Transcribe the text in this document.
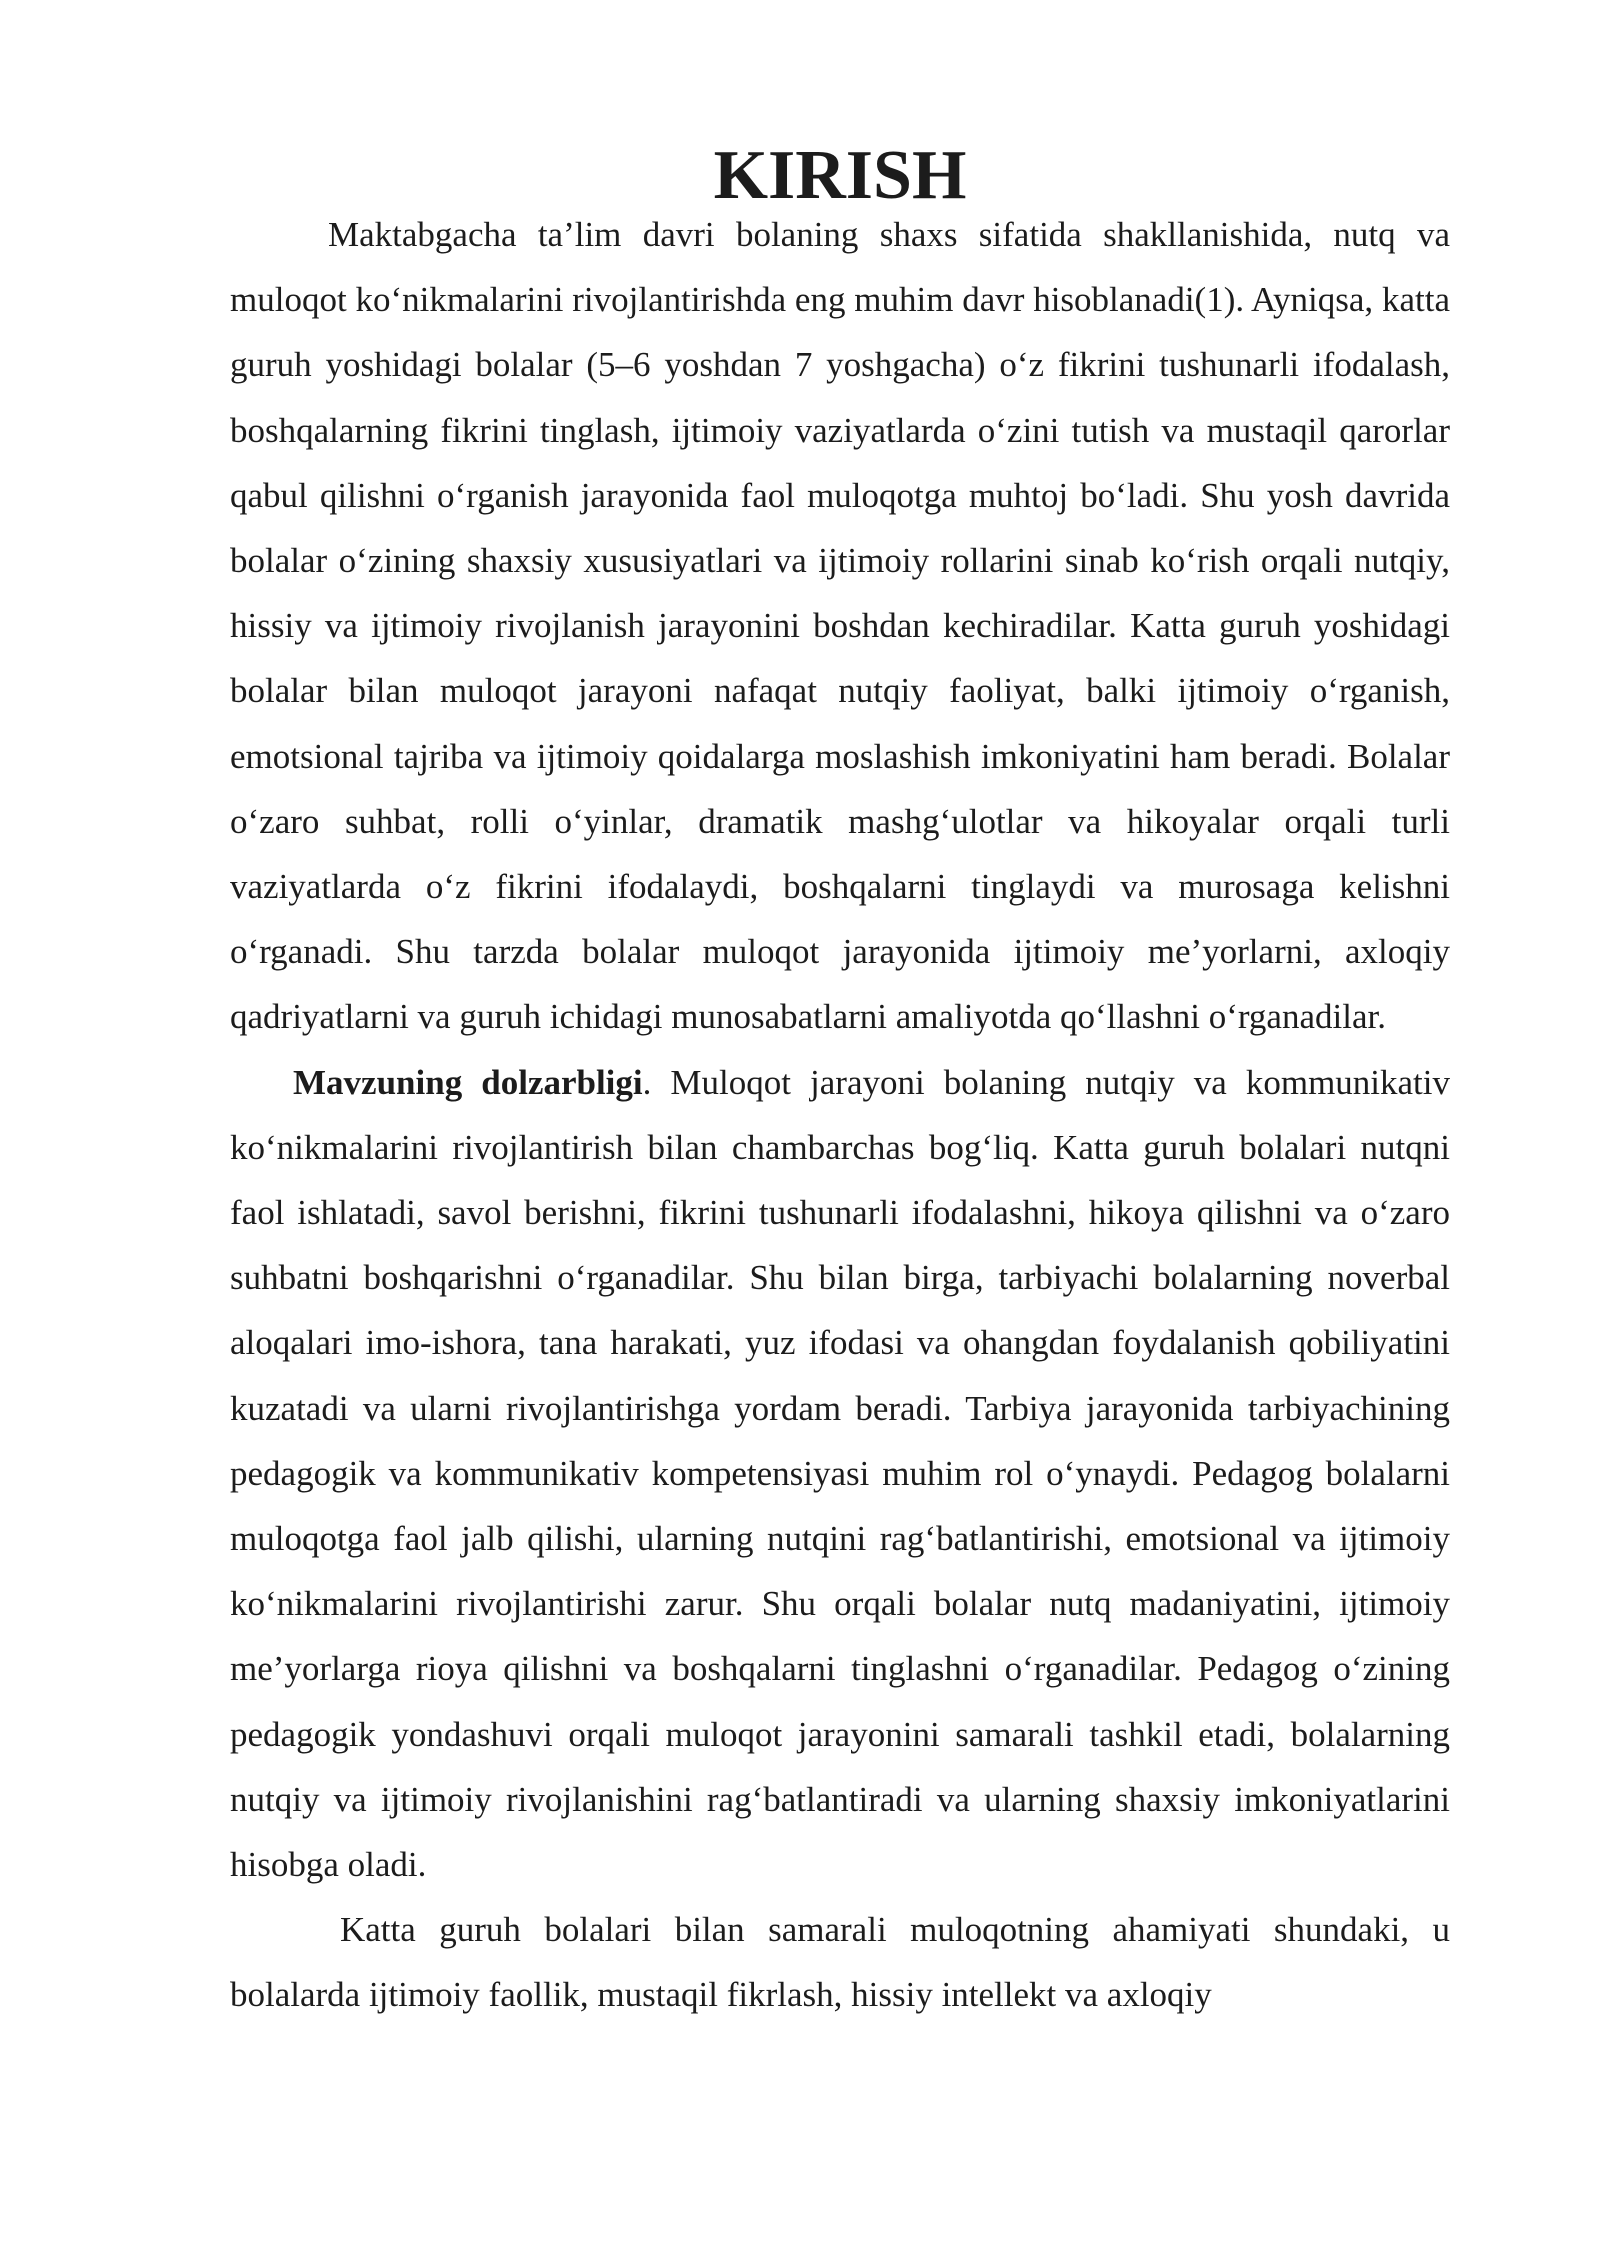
KIRISH

Maktabgacha ta’lim davri bolaning shaxs sifatida shakllanishida, nutq va muloqot ko‘nikmalarini rivojlantirishda eng muhim davr hisoblanadi(1). Ayniqsa, katta guruh yoshidagi bolalar (5–6 yoshdan 7 yoshgacha) o‘z fikrini tushunarli ifodalash, boshqalarning fikrini tinglash, ijtimoiy vaziyatlarda o‘zini tutish va mustaqil qarorlar qabul qilishni o‘rganish jarayonida faol muloqotga muhtoj bo‘ladi. Shu yosh davrida bolalar o‘zining shaxsiy xususiyatlari va ijtimoiy rollarini sinab ko‘rish orqali nutqiy, hissiy va ijtimoiy rivojlanish jarayonini boshdan kechiradilar. Katta guruh yoshidagi bolalar bilan muloqot jarayoni nafaqat nutqiy faoliyat, balki ijtimoiy o‘rganish, emotsional tajriba va ijtimoiy qoidalarga moslashish imkoniyatini ham beradi. Bolalar o‘zaro suhbat, rolli o‘yinlar, dramatik mashg‘ulotlar va hikoyalar orqali turli vaziyatlarda o‘z fikrini ifodalaydi, boshqalarni tinglaydi va murosaga kelishni o‘rganadi. Shu tarzda bolalar muloqot jarayonida ijtimoiy me’yorlarni, axloqiy qadriyatlarni va guruh ichidagi munosabatlarni amaliyotda qo‘llashni o‘rganadilar.

Mavzuning dolzarbligi. Muloqot jarayoni bolaning nutqiy va kommunikativ ko‘nikmalarini rivojlantirish bilan chambarchas bog‘liq. Katta guruh bolalari nutqni faol ishlatadi, savol berishni, fikrini tushunarli ifodalashni, hikoya qilishni va o‘zaro suhbatni boshqarishni o‘rganadilar. Shu bilan birga, tarbiyachi bolalarning noverbal aloqalari imo-ishora, tana harakati, yuz ifodasi va ohangdan foydalanish qobiliyatini kuzatadi va ularni rivojlantirishga yordam beradi. Tarbiya jarayonida tarbiyachining pedagogik va kommunikativ kompetensiyasi muhim rol o‘ynaydi. Pedagog bolalarni muloqotga faol jalb qilishi, ularning nutqini rag‘batlantirishi, emotsional va ijtimoiy ko‘nikmalarini rivojlantirishi zarur. Shu orqali bolalar nutq madaniyatini, ijtimoiy me’yorlarga rioya qilishni va boshqalarni tinglashni o‘rganadilar. Pedagog o‘zining pedagogik yondashuvi orqali muloqot jarayonini samarali tashkil etadi, bolalarning nutqiy va ijtimoiy rivojlanishini rag‘batlantiradi va ularning shaxsiy imkoniyatlarini hisobga oladi.

Katta guruh bolalari bilan samarali muloqotning ahamiyati shundaki, u bolalarda ijtimoiy faollik, mustaqil fikrlash, hissiy intellekt va axloqiy
